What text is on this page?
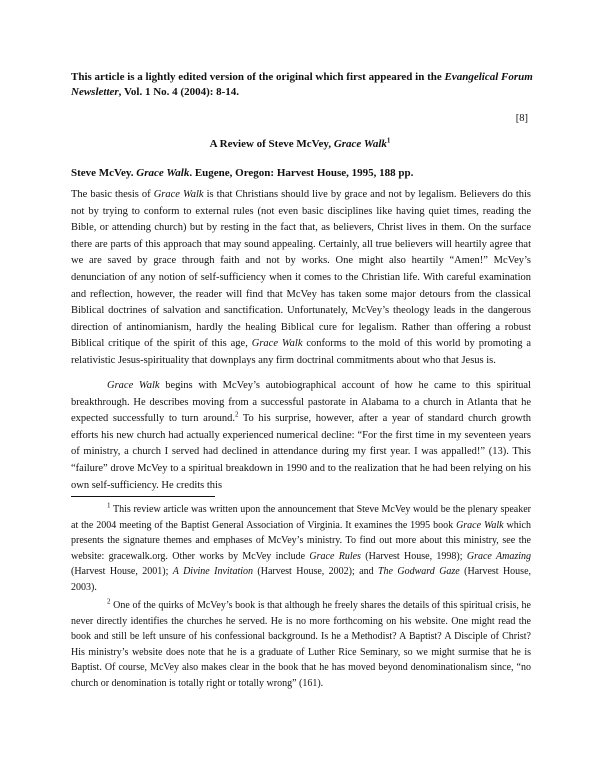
This article is a lightly edited version of the original which first appeared in the Evangelical Forum Newsletter, Vol. 1 No. 4 (2004): 8-14.
[8]
A Review of Steve McVey, Grace Walk$^1$
Steve McVey. Grace Walk. Eugene, Oregon: Harvest House, 1995, 188 pp.
The basic thesis of Grace Walk is that Christians should live by grace and not by legalism. Believers do this not by trying to conform to external rules (not even basic disciplines like having quiet times, reading the Bible, or attending church) but by resting in the fact that, as believers, Christ lives in them. On the surface there are parts of this approach that may sound appealing. Certainly, all true believers will heartily agree that we are saved by grace through faith and not by works. One might also heartily “Amen!” McVey’s denunciation of any notion of self-sufficiency when it comes to the Christian life. With careful examination and reflection, however, the reader will find that McVey has taken some major detours from the classical Biblical doctrines of salvation and sanctification. Unfortunately, McVey’s theology leads in the dangerous direction of antinomianism, hardly the healing Biblical cure for legalism. Rather than offering a robust Biblical critique of the spirit of this age, Grace Walk conforms to the mold of this world by promoting a relativistic Jesus-spirituality that downplays any firm doctrinal commitments about who that Jesus is.
Grace Walk begins with McVey’s autobiographical account of how he came to this spiritual breakthrough. He describes moving from a successful pastorate in Alabama to a church in Atlanta that he expected successfully to turn around.$^2$ To his surprise, however, after a year of standard church growth efforts his new church had actually experienced numerical decline: “For the first time in my seventeen years of ministry, a church I served had declined in attendance during my first year. I was appalled!” (13). This “failure” drove McVey to a spiritual breakdown in 1990 and to the realization that he had been relying on his own self-sufficiency. He credits this
$^1$ This review article was written upon the announcement that Steve McVey would be the plenary speaker at the 2004 meeting of the Baptist General Association of Virginia. It examines the 1995 book Grace Walk which presents the signature themes and emphases of McVey’s ministry. To find out more about this ministry, see the website: gracewalk.org. Other works by McVey include Grace Rules (Harvest House, 1998); Grace Amazing (Harvest House, 2001); A Divine Invitation (Harvest House, 2002); and The Godward Gaze (Harvest House, 2003).
$^2$ One of the quirks of McVey’s book is that although he freely shares the details of this spiritual crisis, he never directly identifies the churches he served. He is no more forthcoming on his website. One might read the book and still be left unsure of his confessional background. Is he a Methodist? A Baptist? A Disciple of Christ? His ministry’s website does note that he is a graduate of Luther Rice Seminary, so we might surmise that he is Baptist. Of course, McVey also makes clear in the book that he has moved beyond denominationalism since, “no church or denomination is totally right or totally wrong” (161).
